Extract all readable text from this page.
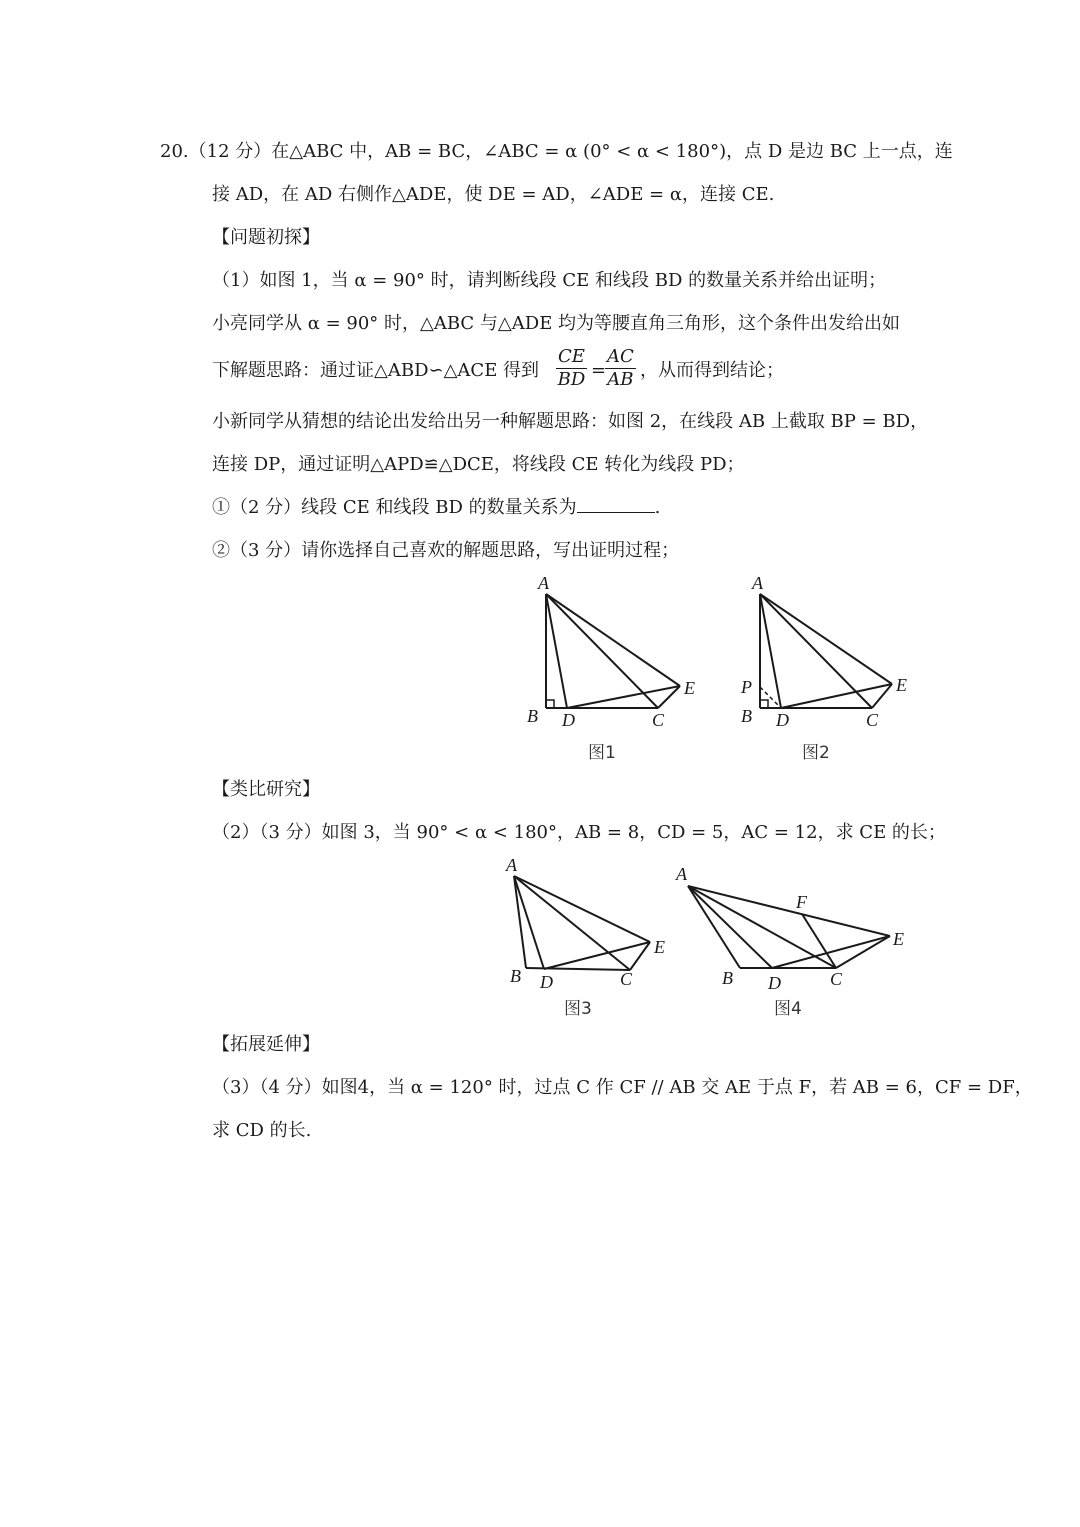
20.（12 分）在△ABC 中，AB = BC，∠ABC = α (0° < α < 180°)，点 D 是边 BC 上一点，连
接 AD，在 AD 右侧作△ADE，使 DE = AD，∠ADE = α，连接 CE.
【问题初探】
（1）如图 1，当 α = 90° 时，请判断线段 CE 和线段 BD 的数量关系并给出证明；
小亮同学从 α = 90° 时，△ABC 与△ADE 均为等腰直角三角形，这个条件出发给出如
下解题思路：通过证△ABD∽△ACE 得到 $\frac{CE}{BD}$ =
$\frac{AC}{AB}$ ，从而得到结论；
小新同学从猜想的结论出发给出另一种解题思路：如图 2，在线段 AB 上截取 BP = BD，
连接 DP，通过证明△APD≌△DCE，将线段 CE 转化为线段 PD；
①（2 分）线段 CE 和线段 BD 的数量关系为	.
②（3 分）请你选择自己喜欢的解题思路，写出证明过程；
A
B D	C
E
图1
A
P
B D	C
E
图2
【类比研究】
（2）（3 分）如图 3，当 90° < α < 180°，AB = 8，CD = 5，AC = 12，求 CE 的长；
A
B D	C
E
图3
A
F
B D	C
E
图4
【拓展延伸】
（3）（4 分）如图4，当 α = 120° 时，过点 C 作 CF // AB 交 AE 于点 F，若 AB = 6，CF = DF，
求 CD 的长.
